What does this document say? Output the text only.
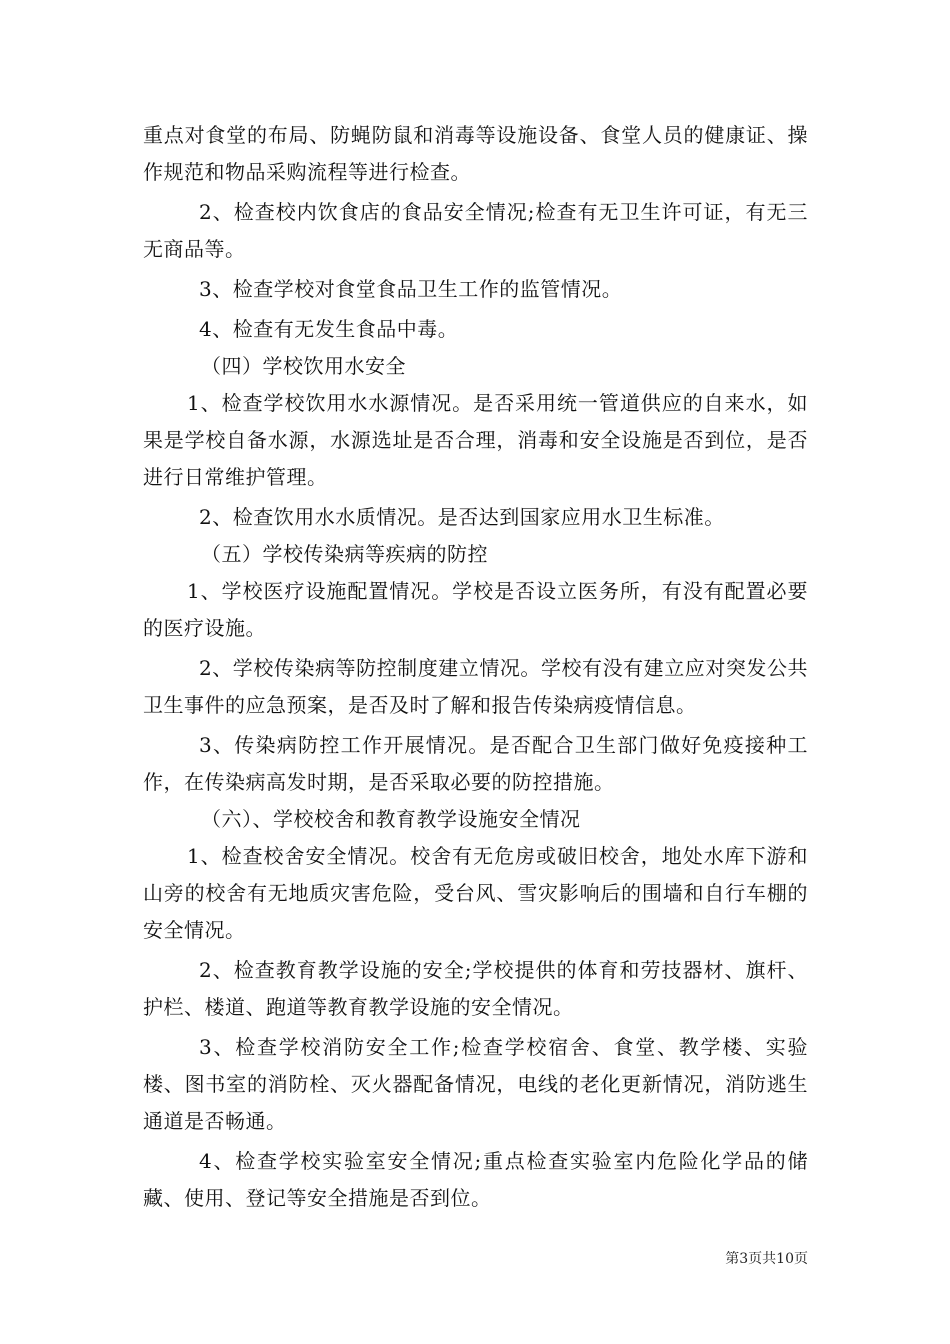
重点对食堂的布局、防蝇防鼠和消毒等设施设备、食堂人员的健康证、操作规范和物品采购流程等进行检查。

2、检查校内饮食店的食品安全情况;检查有无卫生许可证，有无三无商品等。

3、检查学校对食堂食品卫生工作的监管情况。

4、检查有无发生食品中毒。

（四）学校饮用水安全

1、检查学校饮用水水源情况。是否采用统一管道供应的自来水，如果是学校自备水源，水源选址是否合理，消毒和安全设施是否到位，是否进行日常维护管理。

2、检查饮用水水质情况。是否达到国家应用水卫生标准。

（五）学校传染病等疾病的防控

1、学校医疗设施配置情况。学校是否设立医务所，有没有配置必要的医疗设施。

2、学校传染病等防控制度建立情况。学校有没有建立应对突发公共卫生事件的应急预案，是否及时了解和报告传染病疫情信息。

3、传染病防控工作开展情况。是否配合卫生部门做好免疫接种工作，在传染病高发时期，是否采取必要的防控措施。

（六）、学校校舍和教育教学设施安全情况

1、检查校舍安全情况。校舍有无危房或破旧校舍，地处水库下游和山旁的校舍有无地质灾害危险，受台风、雪灾影响后的围墙和自行车棚的安全情况。

2、检查教育教学设施的安全;学校提供的体育和劳技器材、旗杆、护栏、楼道、跑道等教育教学设施的安全情况。

3、检查学校消防安全工作;检查学校宿舍、食堂、教学楼、实验楼、图书室的消防栓、灭火器配备情况，电线的老化更新情况，消防逃生通道是否畅通。

4、检查学校实验室安全情况;重点检查实验室内危险化学品的储藏、使用、登记等安全措施是否到位。

第3页共10页
